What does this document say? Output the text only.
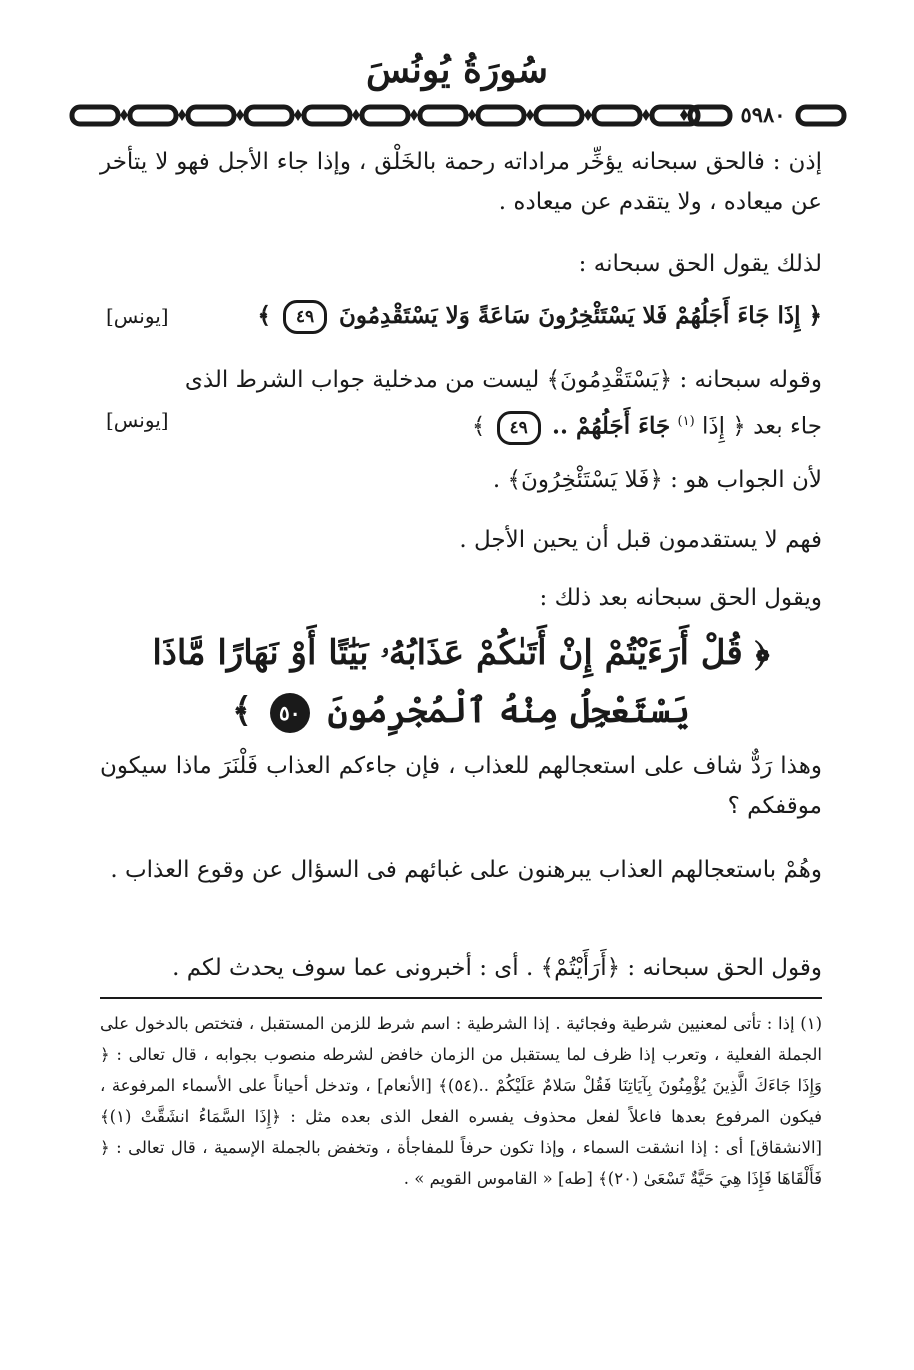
سُورَةُ يُونُسَ
٥٩٨٠
إذن : فالحق سبحانه يؤخِّر مراداته رحمة بالخَلْق ، وإذا جاء الأجل فهو لا يتأخر عن ميعاده ، ولا يتقدم عن ميعاده .
لذلك يقول الحق سبحانه :
﴿ إِذَا جَاءَ أَجَلُهُمْ فَلا يَسْتَئْخِرُونَ سَاعَةً وَلا يَسْتَقْدِمُونَ ٤٩ ﴾
[يونس]
وقوله سبحانه : ﴿يَسْتَقْدِمُونَ﴾ ليست من مدخلية جواب الشرط الذى
جاء بعد ﴿ إِذَا $^{(١)}$ جَاءَ أَجَلُهُمْ .. ٤٩ ﴾
[يونس]
لأن الجواب هو : ﴿فَلا يَسْتَئْخِرُونَ﴾ .
فهم لا يستقدمون قبل أن يحين الأجل .
ويقول الحق سبحانه بعد ذلك :
﴿ قُلْ أَرَءَيْتُمْ إِنْ أَتَىٰكُمْ عَذَابُهُۥ بَيَٰتًا أَوْ نَهَارًا مَّاذَا
يَسْتَعْجِلُ مِنْهُ ٱلْمُجْرِمُونَ ٥٠ ﴾
وهذا رَدٌّ شاف على استعجالهم للعذاب ، فإن جاءكم العذاب فَلْنَرَ ماذا سيكون موقفكم ؟
وهُمْ باستعجالهم العذاب يبرهنون على غبائهم فى السؤال عن وقوع العذاب .
وقول الحق سبحانه : ﴿أَرَأَيْتُمْ﴾ . أى : أخبرونى عما سوف يحدث لكم .
(١) إذا : تأتى لمعنيين شرطية وفجائية . إذا الشرطية : اسم شرط للزمن المستقبل ، فتختص بالدخول على الجملة الفعلية ، وتعرب إذا ظرف لما يستقبل من الزمان خافض لشرطه منصوب بجوابه ، قال تعالى : ﴿ وَإِذَا جَاءَكَ الَّذِينَ يُؤْمِنُونَ بِآيَاتِنَا فَقُلْ سَلامٌ عَلَيْكُمْ ..(٥٤)﴾ [الأنعام] ، وتدخل أحياناً على الأسماء المرفوعة ، فيكون المرفوع بعدها فاعلاً لفعل محذوف يفسره الفعل الذى بعده مثل : ﴿إِذَا السَّمَاءُ انشَقَّتْ (١)﴾ [الانشقاق] أى : إذا انشقت السماء ، وإذا تكون حرفاً للمفاجأة ، وتخفض بالجملة الإسمية ، قال تعالى : ﴿ فَأَلْقَاهَا فَإِذَا هِيَ حَيَّةٌ تَسْعَىٰ (٢٠)﴾ [طه] « القاموس القويم » .
